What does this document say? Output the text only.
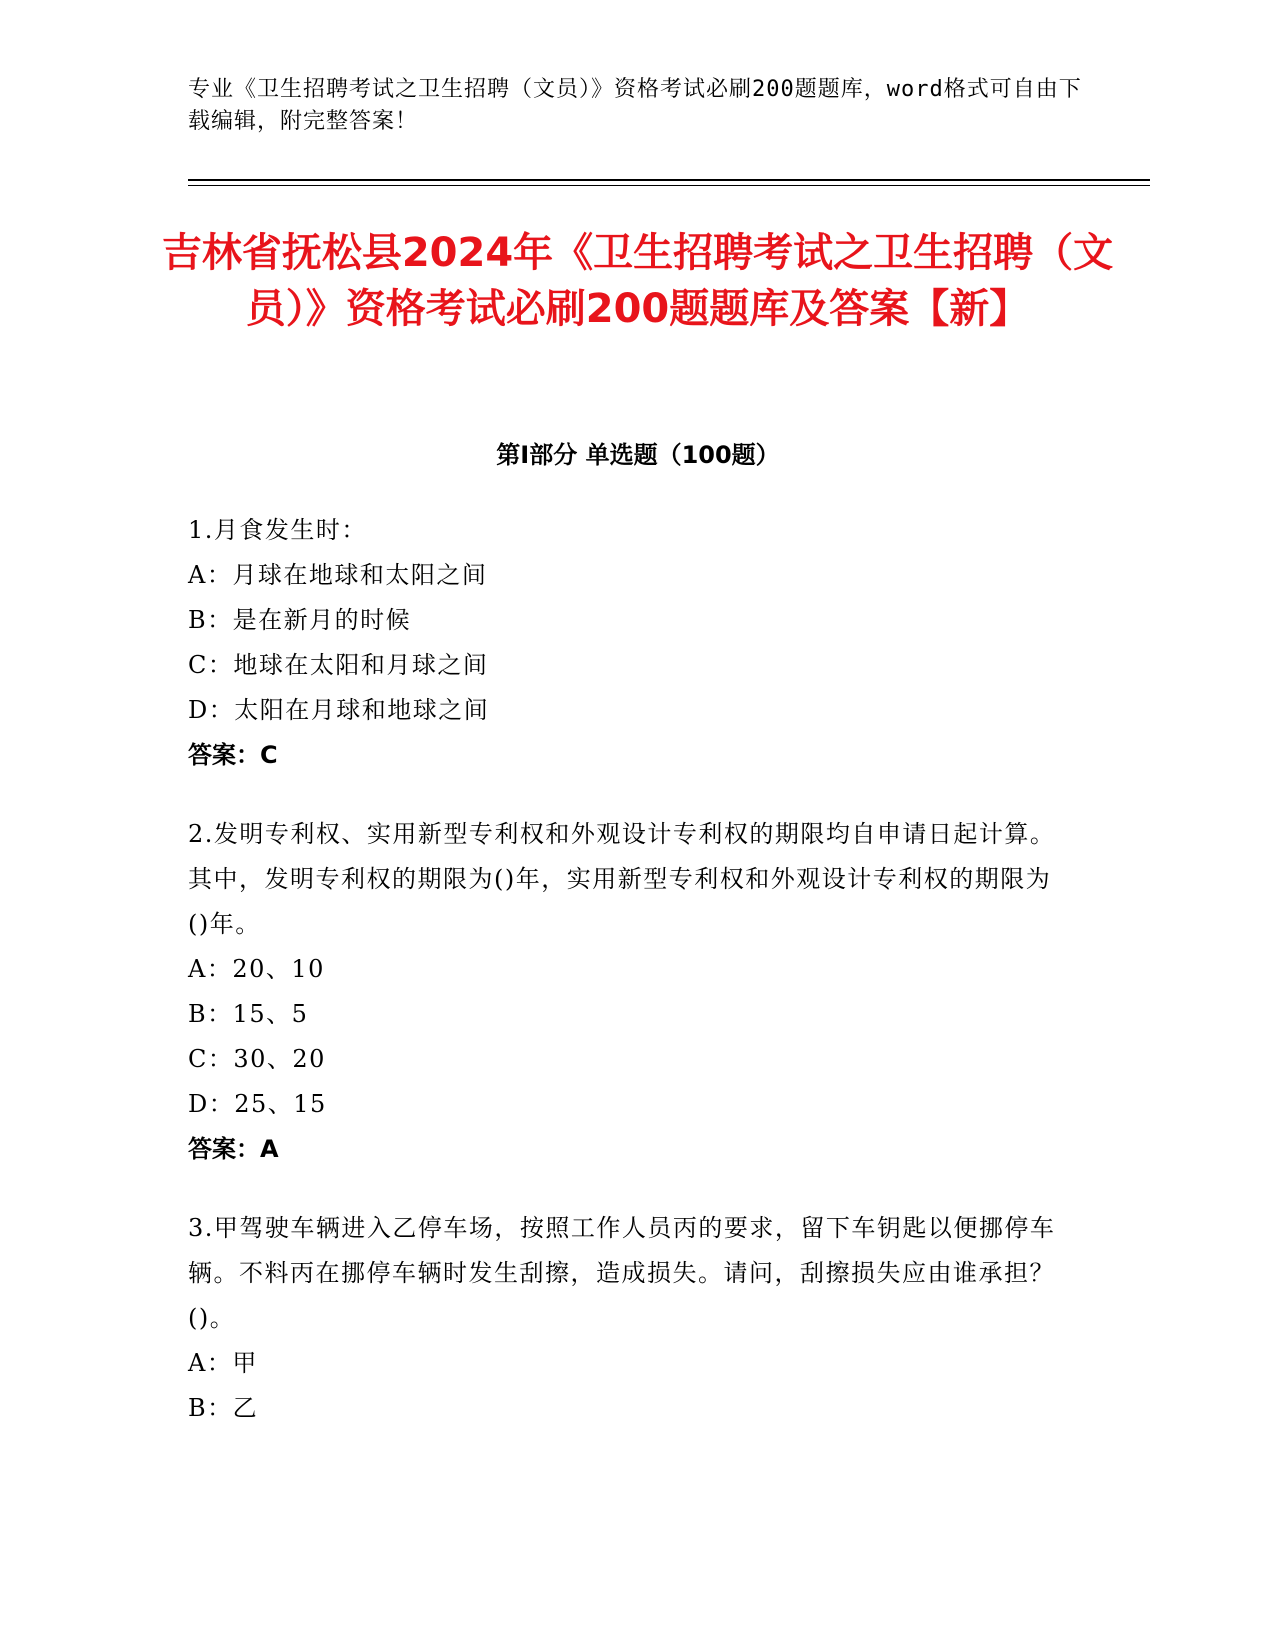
专业《卫生招聘考试之卫生招聘（文员）》资格考试必刷200题题库，word格式可自由下载编辑，附完整答案！
吉林省抚松县2024年《卫生招聘考试之卫生招聘（文员）》资格考试必刷200题题库及答案【新】
第I部分 单选题（100题）
1.月食发生时：
A：月球在地球和太阳之间
B：是在新月的时候
C：地球在太阳和月球之间
D：太阳在月球和地球之间
答案：C
2.发明专利权、实用新型专利权和外观设计专利权的期限均自申请日起计算。其中，发明专利权的期限为()年，实用新型专利权和外观设计专利权的期限为()年。
A：20、10
B：15、5
C：30、20
D：25、15
答案：A
3.甲驾驶车辆进入乙停车场，按照工作人员丙的要求，留下车钥匙以便挪停车辆。不料丙在挪停车辆时发生刮擦，造成损失。请问，刮擦损失应由谁承担？()。
A：甲
B：乙
